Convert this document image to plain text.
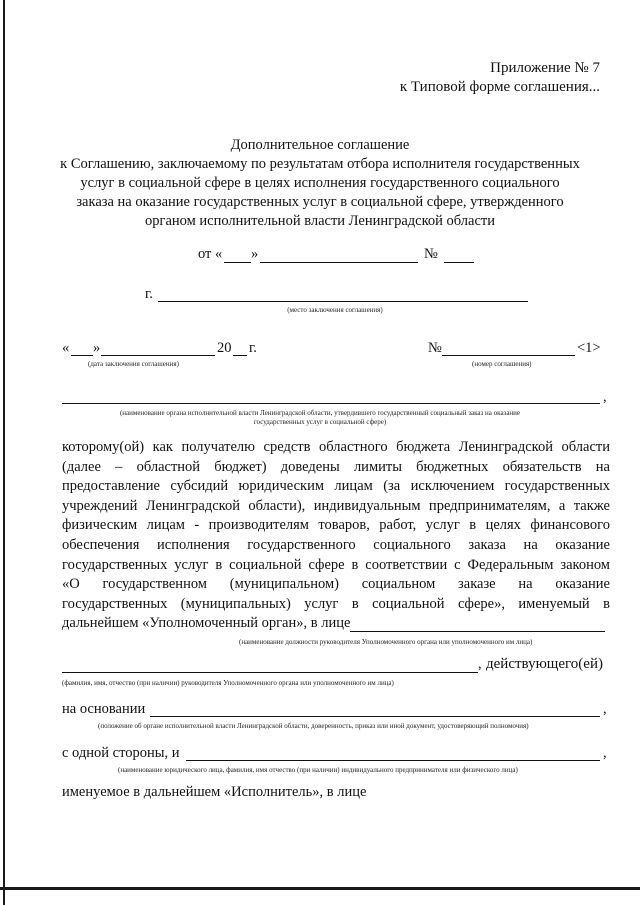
Приложение № 7
к Типовой форме соглашения...
Дополнительное соглашение
к Соглашению, заключаемому по результатам отбора исполнителя государственных
услуг в социальной сфере в целях исполнения государственного социального
заказа на оказание государственных услуг в социальной сфере, утвержденного
органом исполнительной власти Ленинградской области
от « »	№
г.
(место заключения соглашения)
« »	20 г.
(дата заключения соглашения)
№	<1>
(номер соглашения)
,
(наименование органа исполнительной власти Ленинградской области, утвердившего государственный социальный заказ на оказание
государственных услуг в социальной сфере)

которому(ой) как получателю средств областного бюджета Ленинградской области

(далее – областной бюджет) доведены лимиты бюджетных обязательств на

предоставление субсидий юридическим лицам (за исключением государственных

учреждений Ленинградской области), индивидуальным предпринимателям, а также

физическим лицам - производителям товаров, работ, услуг в целях финансового

обеспечения исполнения государственного социального заказа на оказание

государственных услуг в социальной сфере в соответствии с Федеральным законом

«О государственном (муниципальном) социальном заказе на оказание

государственных (муниципальных) услуг в социальной сфере», именуемый в

дальнейшем «Уполномоченный орган», в лице

(наименование должности руководителя Уполномоченного органа или уполномоченного им лица)
, действующего(ей)
(фамилия, имя, отчество (при наличии) руководителя Уполномоченного органа или уполномоченного им лица)
на основании	,
(положение об органе исполнительной власти Ленинградской области, доверенность, приказ или иной документ, удостоверяющий полномочия)
с одной стороны, и	,
(наименование юридического лица, фамилия, имя отчество (при наличии) индивидуального предпринимателя или физического лица)
именуемое в дальнейшем «Исполнитель», в лице
